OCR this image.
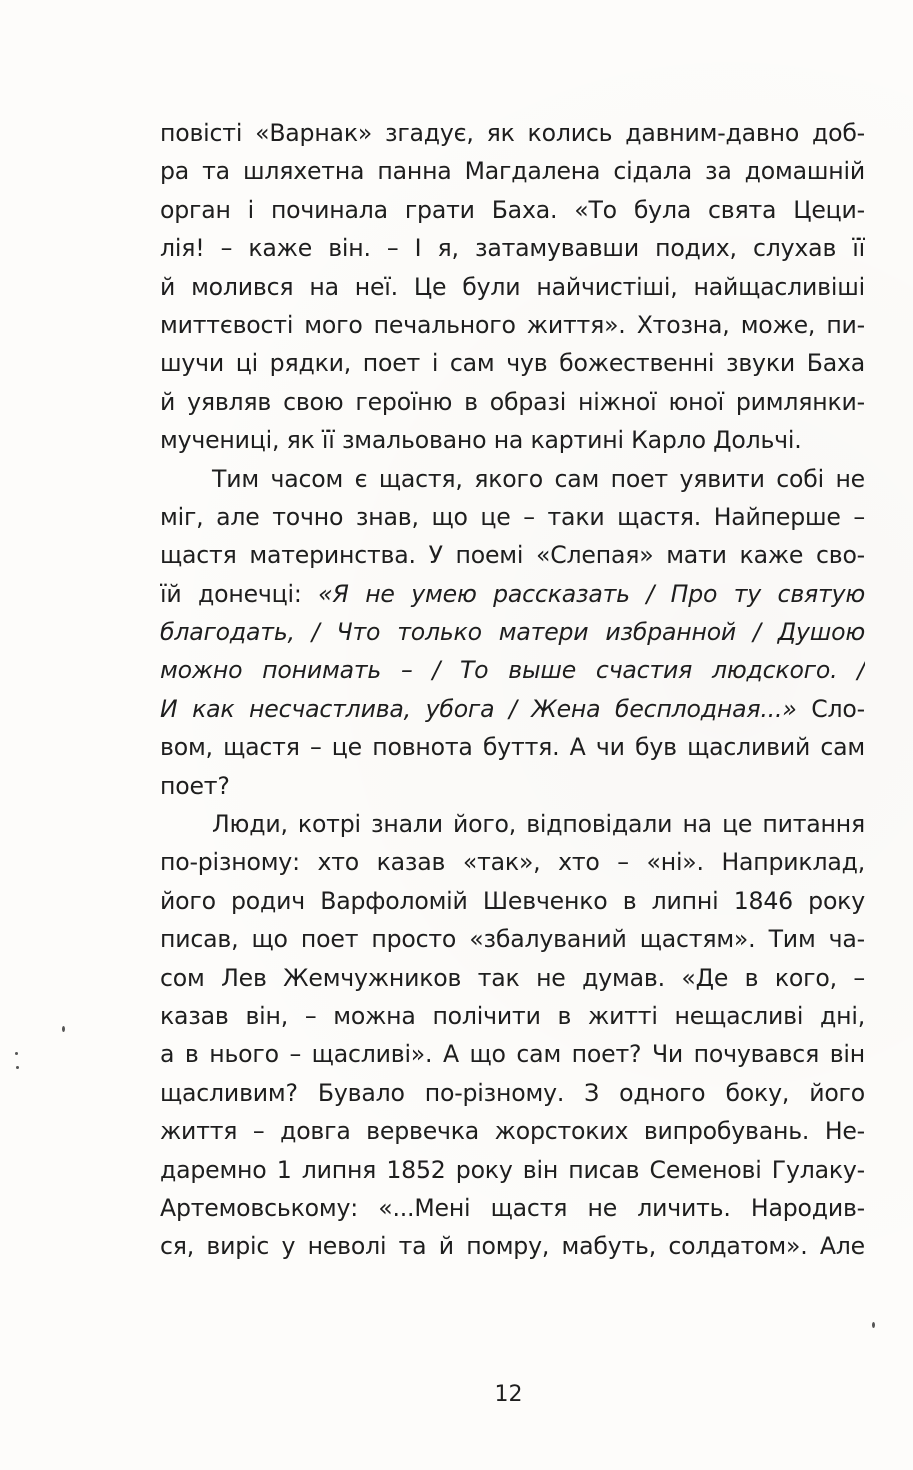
повісті «Варнак» згадує, як колись давним-давно доб-
ра та шляхетна панна Магдалена сідала за домашній
орган і починала грати Баха. «То була свята Цеци-
лія! – каже він. – І я, затамувавши подих, слухав її
й молився на неї. Це були найчистіші, найщасливіші
миттєвості мого печального життя». Хтозна, може, пи-
шучи ці рядки, поет і сам чув божественні звуки Баха
й уявляв свою героїню в образі ніжної юної римлянки-
мучениці, як її змальовано на картині Карло Дольчі.
Тим часом є щастя, якого сам поет уявити собі не
міг, але точно знав, що це – таки щастя. Найперше –
щастя материнства. У поемі «Слепая» мати каже сво-
їй донечці: «Я не умею рассказать / Про ту святую
благодать, / Что только матери избранной / Душою
можно понимать – / То выше счастия людского. /
И как несчастлива, убога / Жена бесплодная...» Сло-
вом, щастя – це повнота буття. А чи був щасливий сам
поет?
Люди, котрі знали його, відповідали на це питання
по-різному: хто казав «так», хто – «ні». Наприклад,
його родич Варфоломій Шевченко в липні 1846 року
писав, що поет просто «збалуваний щастям». Тим ча-
сом Лев Жемчужников так не думав. «Де в кого, –
казав він, – можна полічити в житті нещасливі дні,
а в нього – щасливі». А що сам поет? Чи почувався він
щасливим? Бувало по-різному. З одного боку, його
життя – довга вервечка жорстоких випробувань. Не-
даремно 1 липня 1852 року він писав Семенові Гулаку-
Артемовському: «...Мені щастя не личить. Народив-
ся, виріс у неволі та й помру, мабуть, солдатом». Але
12
